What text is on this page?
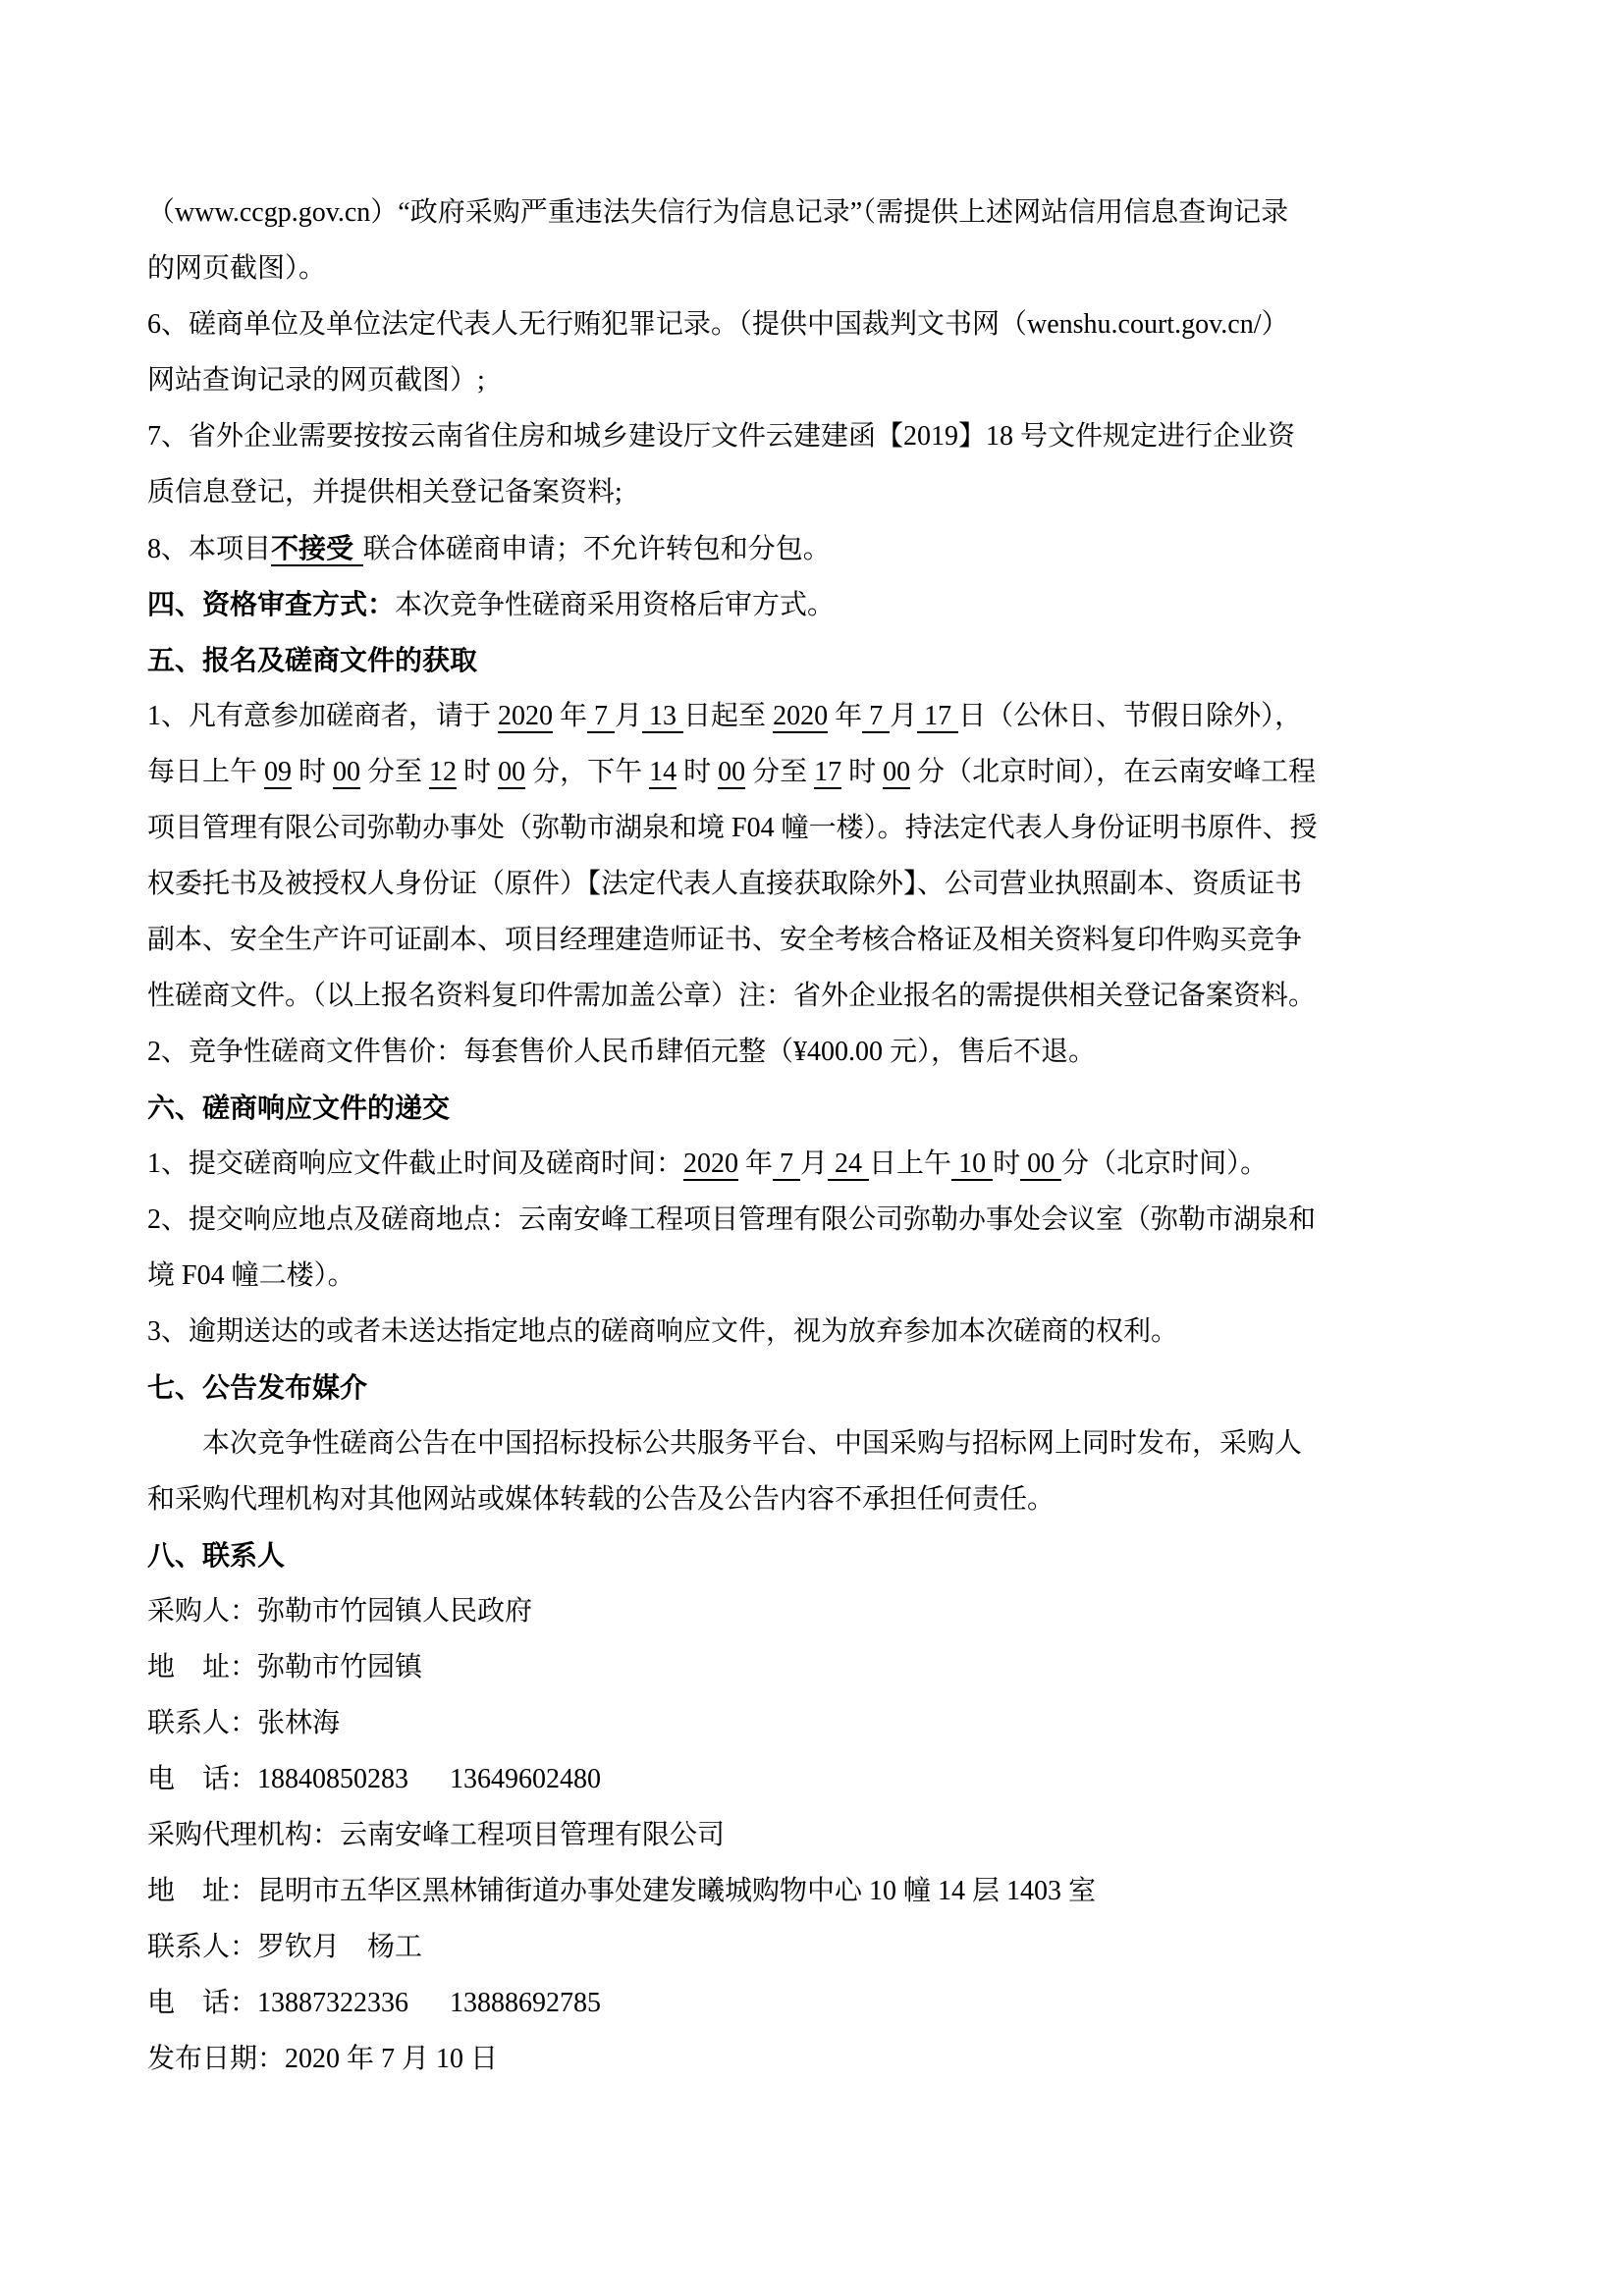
（www.ccgp.gov.cn）“政府采购严重违法失信行为信息记录”（需提供上述网站信用信息查询记录

的网页截图）。

6、磋商单位及单位法定代表人无行贿犯罪记录。（提供中国裁判文书网（wenshu.court.gov.cn/）

网站查询记录的网页截图）;

7、省外企业需要按按云南省住房和城乡建设厅文件云建建函【2019】18 号文件规定进行企业资

质信息登记，并提供相关登记备案资料;

8、本项目不接受 联合体磋商申请；不允许转包和分包。

四、资格审查方式：本次竞争性磋商采用资格后审方式。

五、报名及磋商文件的获取

1、凡有意参加磋商者，请于 2020 年 7 月 13 日起至 2020 年 7 月 17 日（公休日、节假日除外），

每日上午 09 时 00 分至 12 时 00 分，下午 14 时 00 分至 17 时 00 分（北京时间），在云南安峰工程

项目管理有限公司弥勒办事处（弥勒市湖泉和境 F04 幢一楼）。持法定代表人身份证明书原件、授

权委托书及被授权人身份证（原件）【法定代表人直接获取除外】、公司营业执照副本、资质证书

副本、安全生产许可证副本、项目经理建造师证书、安全考核合格证及相关资料复印件购买竞争

性磋商文件。（以上报名资料复印件需加盖公章）注：省外企业报名的需提供相关登记备案资料。

2、竞争性磋商文件售价：每套售价人民币肆佰元整（¥400.00 元），售后不退。

六、磋商响应文件的递交

1、提交磋商响应文件截止时间及磋商时间：2020 年 7 月 24 日上午 10 时 00 分（北京时间）。

2、提交响应地点及磋商地点：云南安峰工程项目管理有限公司弥勒办事处会议室（弥勒市湖泉和

境 F04 幢二楼）。

3、逾期送达的或者未送达指定地点的磋商响应文件，视为放弃参加本次磋商的权利。

七、公告发布媒介

本次竞争性磋商公告在中国招标投标公共服务平台、中国采购与招标网上同时发布，采购人

和采购代理机构对其他网站或媒体转载的公告及公告内容不承担任何责任。

八、联系人

采购人：弥勒市竹园镇人民政府

地　址：弥勒市竹园镇

联系人：张林海

电　话：18840850283　  13649602480

采购代理机构：云南安峰工程项目管理有限公司

地　址：昆明市五华区黑林铺街道办事处建发曦城购物中心 10 幢 14 层 1403 室

联系人：罗钦月　杨工

电　话：13887322336　  13888692785

发布日期：2020 年 7 月 10 日
